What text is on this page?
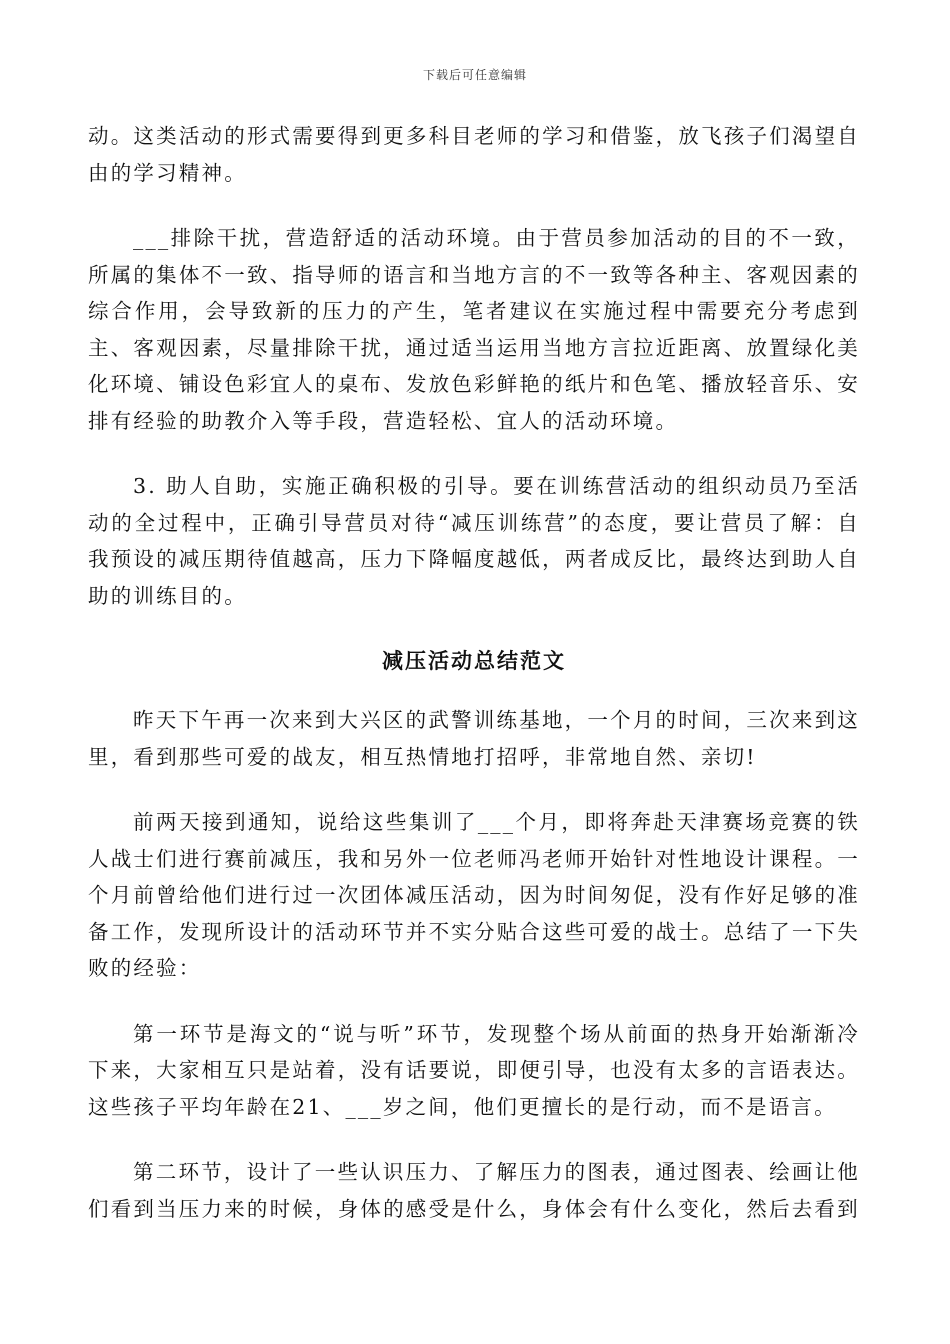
下载后可任意编辑

动。这类活动的形式需要得到更多科目老师的学习和借鉴，放飞孩子们渴望自由的学习精神。

___排除干扰，营造舒适的活动环境。由于营员参加活动的目的不一致，所属的集体不一致、指导师的语言和当地方言的不一致等各种主、客观因素的综合作用，会导致新的压力的产生，笔者建议在实施过程中需要充分考虑到主、客观因素，尽量排除干扰，通过适当运用当地方言拉近距离、放置绿化美化环境、铺设色彩宜人的桌布、发放色彩鲜艳的纸片和色笔、播放轻音乐、安排有经验的助教介入等手段，营造轻松、宜人的活动环境。

3. 助人自助，实施正确积极的引导。要在训练营活动的组织动员乃至活动的全过程中，正确引导营员对待“减压训练营”的态度，要让营员了解：自我预设的减压期待值越高，压力下降幅度越低，两者成反比，最终达到助人自助的训练目的。

减压活动总结范文

昨天下午再一次来到大兴区的武警训练基地，一个月的时间，三次来到这里，看到那些可爱的战友，相互热情地打招呼，非常地自然、亲切!

前两天接到通知，说给这些集训了___个月，即将奔赴天津赛场竞赛的铁人战士们进行赛前减压，我和另外一位老师冯老师开始针对性地设计课程。一个月前曾给他们进行过一次团体减压活动，因为时间匆促，没有作好足够的准备工作，发现所设计的活动环节并不实分贴合这些可爱的战士。总结了一下失败的经验：

第一环节是海文的“说与听”环节，发现整个场从前面的热身开始渐渐冷下来，大家相互只是站着，没有话要说，即便引导，也没有太多的言语表达。这些孩子平均年龄在21、___岁之间，他们更擅长的是行动，而不是语言。

第二环节，设计了一些认识压力、了解压力的图表，通过图表、绘画让他们看到当压力来的时候，身体的感受是什么，身体会有什么变化，然后去看到
